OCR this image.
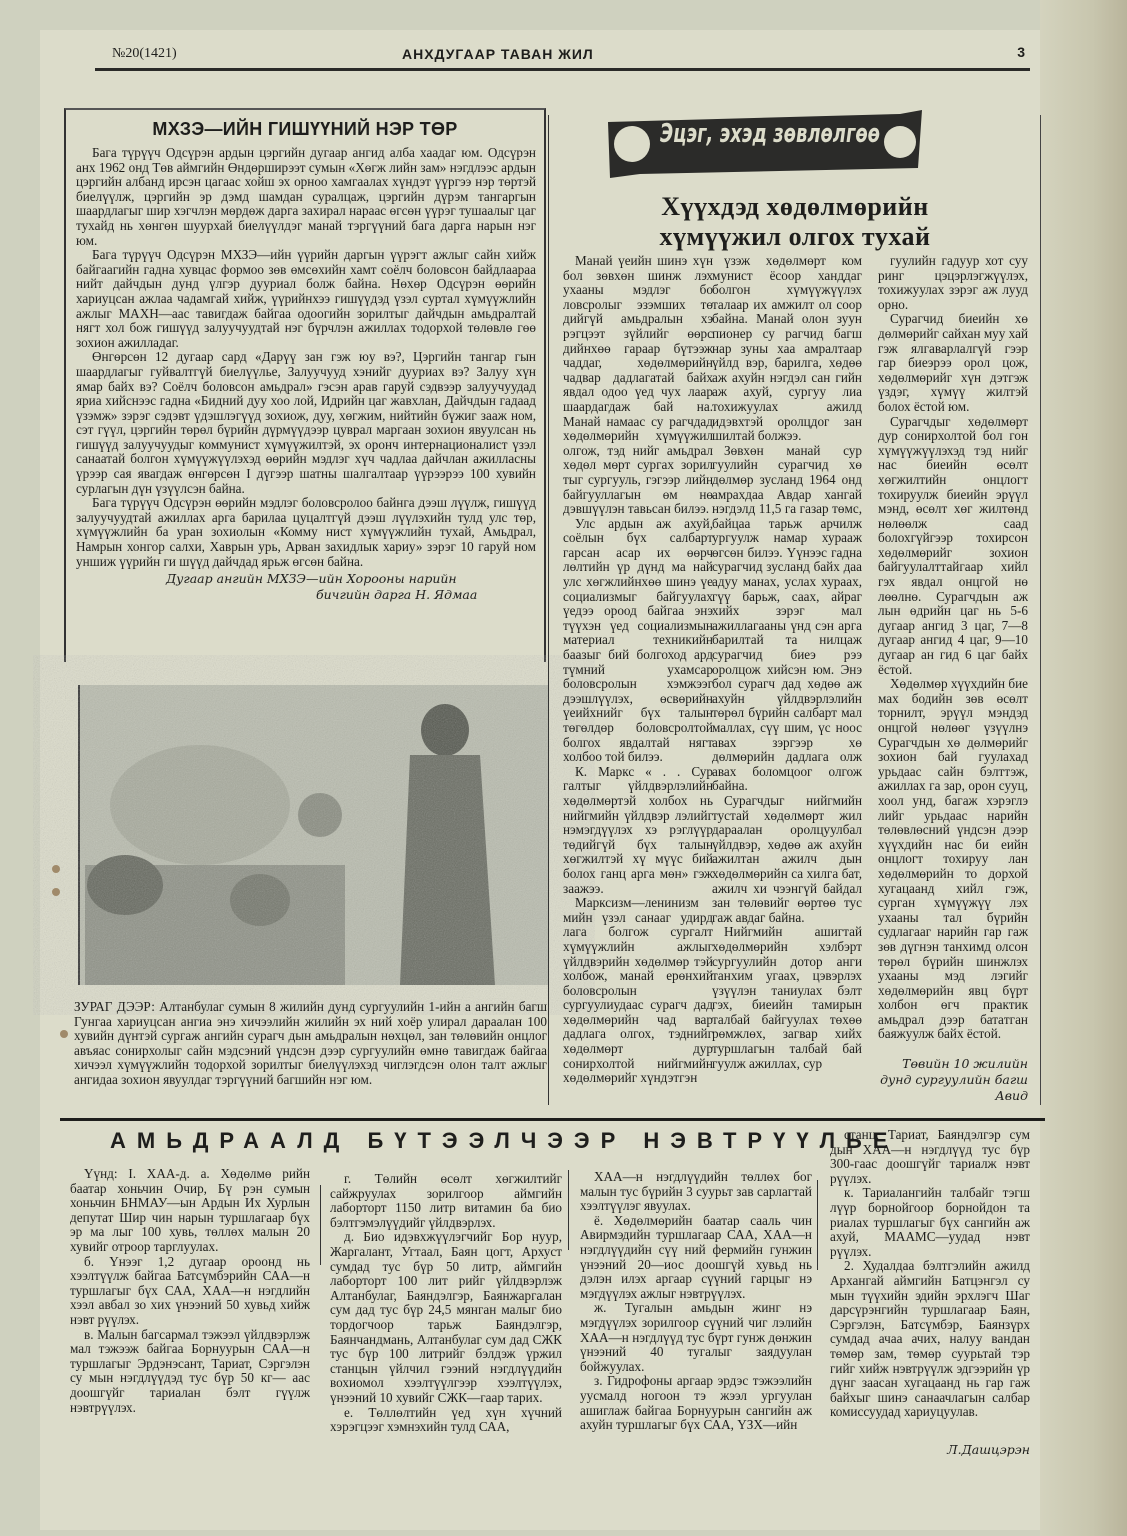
№20(1421)	АНХДУГААР ТАВАН ЖИЛ	3
МХЗЭ—ИЙН ГИШҮҮНИЙ НЭР ТӨР

Бага түрүүч Одсүрэн ардын цэргийн дугаар ангид алба хаадаг юм. Одсүрэн анх 1962 онд Төв аймгийн Өндөрширээт сумын «Хөгж лийн зам» нэгдлээс ардын цэргийн албанд ирсэн цагаас хойш эх орноо хамгаалах хүндэт үүргээ нэр төртэй биелүүлж, цэргийн эр дэмд шамдан суралцаж, цэргийн дүрэм тангаргын шаардлагыг шир хэгчлэн мөрдөж дарга захирал нараас өгсөн үүрэг тушаалыг цаг тухайд нь хөнгөн шуурхай биелүүлдэг манай тэргүүний бага дарга нарын нэг юм.

Бага түрүүч Одсүрэн МХЗЭ—ийн үүрийн даргын үүрэгт ажлыг сайн хийж байгаагийн гадна хувцас формоо зөв өмсөхийн хамт соёлч боловсон байдлаараа нийт дайчдын дунд үлгэр дууриал болж байна. Нөхөр Одсүрэн өөрийн хариуцсан ажлаа чадамгай хийж, үүрийнхээ гишүүдэд үзэл суртал хүмүүжлийн ажлыг МАХН—аас тавигдаж байгаа одоогийн зорилтыг дайчдын амьдралтай нягт хол бож гишүүд залуучуудтай нэг бүрчлэн ажиллах тодорхой төлөвлө гөө зохион ажилладаг.

Өнгөрсөн 12 дугаар сард «Дарүү зан гэж юу вэ?, Цэргийн тангар гын шаардлагыг гуйвалтгүй биелүүлье, Залуучууд хэнийг дууриах вэ? Залуу хүн ямар байх вэ? Соёлч боловсон амьдрал» гэсэн арав гаруй сэдвээр залуучуудад яриа хийснээс гадна «Бидний дуу хоо лой, Идрийн цаг жавхлан, Дайчдын гадаад үзэмж» зэрэг сэдэвт үдэшлэгүүд зохиож, дуу, хөгжим, нийтийн бүжиг зааж ном, сэт гүүл, цэргийн төрөл бүрийн дүрмүүдээр цуврал маргаан зохион явуулсан нь гишүүд залуучуудыг коммунист хүмүүжилтэй, эх оронч интернационалист үзэл санаатай болгон хүмүүжүүлэхэд өөрийн мэдлэг хүч чадлаа дайчлан ажилласны үрээр сая явагдаж өнгөрсөн I дүгээр шатны шалгалтаар үүрээрээ 100 хувийн сурлагын дүн үзүүлсэн байна.

Бага түрүүч Одсүрэн өөрийн мэдлэг боловсролоо байнга дээш лүүлж, гишүүд залуучуудтай ажиллах арга барилаа цуцалтгүй дээш лүүлэхийн тулд улс төр, хүмүүжлийн ба уран зохиолын «Комму нист хүмүүжлийн тухай, Амьдрал, Намрын хонгор салхи, Хаврын урь, Арван захидлык хариу» зэрэг 10 гаруй ном уншиж үүрийн ги шүүд дайчдад ярьж өгсөн байна.

Дугаар ангийн МХЗЭ—ийн Хорооны нарийн
бичгийн дарга Н. Ядмаа

ЗУРАГ ДЭЭР: Алтанбулаг сумын 8 жилийн дунд сургуулийн 1-ийн а ангийн багш Гунгаа хариуцсан ангиа энэ хичээлийн жилийн эх ний хоёр улирал дараалан 100 хувийн дүнтэй сургаж ангийн сурагч дын амьдралын нөхцөл, зан төлөвийн онцлог авъяас сонирхолыг сайн мэдсэний үндсэн дээр сургуулийн өмнө тавигдаж байгаа хичээл хүмүүжлийн тодорхой зорилтыг биелүүлэхэд чиглэгдсэн олон талт ажлыг ангидаа зохион явуулдаг тэргүүний багшийн нэг юм.

Эцэг, эхэд зөвлөлгөө
Хүүхдэд хөдөлмөрийн
хүмүүжил олгох тухай

Манай үеийн шинэ хүн бол зөвхөн шинж лэх ухааны мэдлэг бо ловсролыг эзэмших тө дийгүй амьдралын хэ рэгцээт зүйлийг өөрс дийнхөө гараар бүтээж чаддаг, хөдөлмөрийн чадвар дадлагатай байх явдал одоо үед чух лаар шаардагдаж бай на. Манай намаас су рагчдад хөдөлмөрийн хүмүүжил олгож, тэд нийг амьдрал хөдөл мөрт сургах зорил тыг сургууль, гэгээр лийн байгууллагын өм нө дэвшүүлэн тавьсан билээ.

Улс ардын аж ахуй, соёлын бүх салбарт гарсан асар их өөрч лөлтийн үр дүнд ма най улс хөгжлийнхөө шинэ үе социализмыг байгуулах үедээ ороод байгаа энэ түүхэн үед социализмын материал техникийн баазыг бий болгоход ард түмний ухамсар боловсролын хэмжээг дээшлүүлэх, өсвөрийн үеийхнийг бүх талын төгөлдөр боловсролтой болгох явдалтай нягт холбоо той билээ.

К. Маркс « . . Сур галтыг үйлдвэрлэлийн хөдөлмөртэй холбох нь нийгмийн үйлдвэр лэлийг нэмэгдүүлэх хэ рэглүүр төдийгүй бүх талын хөгжилтэй хү мүүс бий болох ганц арга мөн» гэж заажээ.

Марксизм—ленинизм мийн үзэл санааг удирд лага болгож сургалт хүмүүжлийн ажлыг үйлдвэрийн хөдөлмөр тэй холбож, манай ерөнхий боловсролын сургуулиудаас сурагч дад хөдөлмөрийн чад вар дадлага олгох, тэднийг хөдөлмөрт дур сонирхолтой нийгмийн хөдөлмөрийг хүндэтгэн

үзэж хөдөлмөрт ком мунист ёсоор ханддаг болгон хүмүүжүүлэх талаар их амжилт ол соор байна. Манай олон зуун пионер су рагчид багш нар зуны хаа амралтаар үйлд вэр, барилга, хөдөө аж ахуйн нэгдэл сан гийн аж ахуй, сургуу лиа тохижуулах ажилд идэвхтэй оролцдог зан шилтай болжээ.

Зөвхөн манай сур гуулийн сурагчид хө дөлмөр зусланд 1964 онд амрахдаа Авдар хангай нэгдэлд 11,5 га газар төмс, байцаа тарьж арчилж ургуулж намар хурааж өгсөн билээ. Үүнээс гадна сурагчид зусланд байх даа адуу манах, услах хураах, гүү барьж, саах, айраг хийх зэрэг мал ажиллагааны үнд сэн арга барилтай та нилцаж сурагчид биеэ рээ оролцож хийсэн юм. Энэ бол сурагч дад хөдөө аж ахуйн үйлдвэрлэлийн төрөл бүрийн салбарт мал маллах, сүү шим, үс ноос авах зэргээр хө дөлмөрийн дадлага олж авах боломцоог олгож байна.

Сурагчдыг нийгмийн тустай хөдөлмөрт жил дараалан оролцуулбал үйлдвэр, хөдөө аж ахуйн ажилтан ажилч дын хөдөлмөрийн са хилга бат, ажилч хи чээнгүй байдал зан төлөвийг өөртөө тус гаж авдаг байна.

Нийгмийн ашигтай хөдөлмөрийн хэлбэрт сургуулийн дотор анги танхим угаах, цэвэрлэх үзүүлэн таниулах бэлт гэх, биеийн тамирын талбай байгуулах төхөө рөмжлөх, загвар хийх туршлагын талбай бай гуулж ажиллах, сур

гуулийн гадуур хот суу ринг цэцэрлэгжүүлэх, тохижуулах зэрэг аж лууд орно.

Сурагчид биеийн хө дөлмөрийг сайхан муу хай гэж ялгаварлалгүй гээр гар биеэрээ орол цож, хөдөлмөрийг хүн дэтгэж үздэг, хүмүү жилтэй болох ёстой юм.

Сурагчдыг хөдөлмөрт дур сонирхолтой бол гон хүмүүжүүлэхэд тэд нийг нас биеийн өсөлт хөгжилтийн онцлогт тохируулж биеийн эрүүл мэнд, өсөлт хөг жилтөнд нөлөөлж саад болохгүйгээр тохирсон хөдөлмөрийг зохион байгуулалттайгаар хийл гэх явдал онцгой нө лөөлнө. Сурагчдын аж лын өдрийн цаг нь 5-6 дугаар ангид 3 цаг, 7—8 дугаар ангид 4 цаг, 9—10 дугаар ан гид 6 цаг байх ёстой.

Хөдөлмөр хүүхдийн бие мах бодийн зөв өсөлт торнилт, эрүүл мэндэд онцгой нөлөөг үзүүлнэ Сурагчдын хө дөлмөрийг зохион бай гуулахад урьдаас сайн бэлттэж, ажиллах га зар, орон сууц, хоол унд, багаж хэрэглэ лийг урьдаас нарийн төлөвлөсний үндсэн дээр хүүхдийн нас би еийн онцлогт тохируу лан хөдөлмөрийн то дорхой хугацаанд хийл гэж, сурган хүмүүжүү лэх ухааны тал бүрийн судлагааг нарийн гар гаж зөв дүгнэн танхимд олсон төрөл бүрийн шинжлэх ухааны мэд лэгийг хөдөлмөрийн явц бүрт холбон өгч практик амьдрал дээр батaтган баяжуулж байх ёстой.

Төвийн 10 жилийн
дунд сургуулийн багш
Авид
АМЬДРААЛД БҮТЭЭЛЧЭЭР НЭВТРҮҮЛЬЕ

Үүнд: I. ХАА-д. а. Хөдөлмө рийн баатар хоньчин Очир, Бү рэн сумын хоньчин БНМАУ—ын Ардын Их Хурлын депутат Шир чин нарын туршлагаар бүх эр ма лыг 100 хувь, төллөх малын 20 хувийг отроор тарглуулах.

б. Үнээг 1,2 дугаар ороонд нь хээлтүүлж байгаа Батсүмбэрийн САА—н туршлагыг бүх САА, ХАА—н нэгдлийн хээл авбал зо хих үнээний 50 хувьд хийж нэвт рүүлэх.

в. Малын багсармал тэжээл үйлдвэрлэж мал тэжээж байгаа Борнуурын САА—н туршлагыг Эрдэнэсант, Тариат, Сэргэлэн су мын нэгдлүүдэд тус бүр 50 кг— аас доошгүйг тариалан бэлт гүүлж нэвтрүүлэх.

г. Төлийн өсөлт хөгжилтийг сайжруулах зорилгоор аймгийн лаборторт 1150 литр витамин ба био бэлтгэмэлүүдийг үйлдвэрлэх.

д. Био идэвхжүүлэгчийг Бор нуур, Жаргалант, Угтаал, Баян цогт, Архуст сумдад тус бүр 50 литр, аймгийн лаборторт 100 лит рийг үйлдвэрлэж Алтанбулаг, Баяндэлгэр, Баянжаргалан сум дад тус бүр 24,5 мянган малыг био тордогчоор тарьж Баяндэлгэр, Баянчандмань, Алтанбулаг сум дад СЖК тус бүр 100 литрийг бэлдэж үржил станцын үйлчил гээний нэгдлүүдийн вохиомол хээлтүүлгээр хээлтүүлэх, үнээний 10 хувийг СЖК—гаар тарих.

е. Төллөлтийн үед хүн хүчний хэрэгцээг хэмнэхийн тулд САА,

ХАА—н нэгдлүүдийн төллөх бог малын тус бүрийн 3 суурьт зав сарлагтай хээлтүүлэг явуулах.

ё. Хөдөлмөрийн баатар сааль чин Авирмэдийн туршлагаар САА, ХАА—н нэгдлүүдийн сүү ний фермийн гунжин үнээний 20—иос доошгүй хувьд нь дэлэн илэх аргаар сүүний гарцыг нэ мэгдүүлэх ажлыг нэвтрүүлэх.

ж. Тугалын амьдын жинг нэ мэгдүүлэх зорилгоор сүүний чиг лэлийн ХАА—н нэгдлүүд тус бүрт гунж дөнжин үнээний 40 тугалыг заядуулан бойжуулах.

з. Гидрофоны аргаар эрдэс тэжээлийн уусмалд ногоон тэ жээл ургуулан ашиглаж байгаа Борнуурын сангийн аж ахуйн туршлагыг бүх САА, ҮЗХ—ийн

станц, Тариат, Баяндэлгэр сум дын ХАА—н нэгдлүүд тус бүр 300-гаас доошгүйг тариалж нэвт рүүлэх.

к. Тариалангийн талбайг тэгш лүүр борнойгоор борнойдон та риалах туршлагыг бүх сангийн аж ахуй, МААМС—уудад нэвт рүүлэх.

2. Худалдаа бэлтгэлийн ажилд Архангай аймгийн Батцэнгэл су мын түүхийн эдийн эрхлэгч Шаг дарсүрэнгийн туршлагаар Баян, Сэргэлэн, Батсүмбэр, Баянзүрх сумдад ачаа ачих, налуу вандан төмөр зам, төмөр суурьтай тэр гийг хийж нэвтрүүлж эдгээрийн үр дүнг заасан хугацаанд нь гар гаж байхыг шинэ санаачлагын салбар комиссуудад хариуцуулав.

Л.Дашцэрэн
